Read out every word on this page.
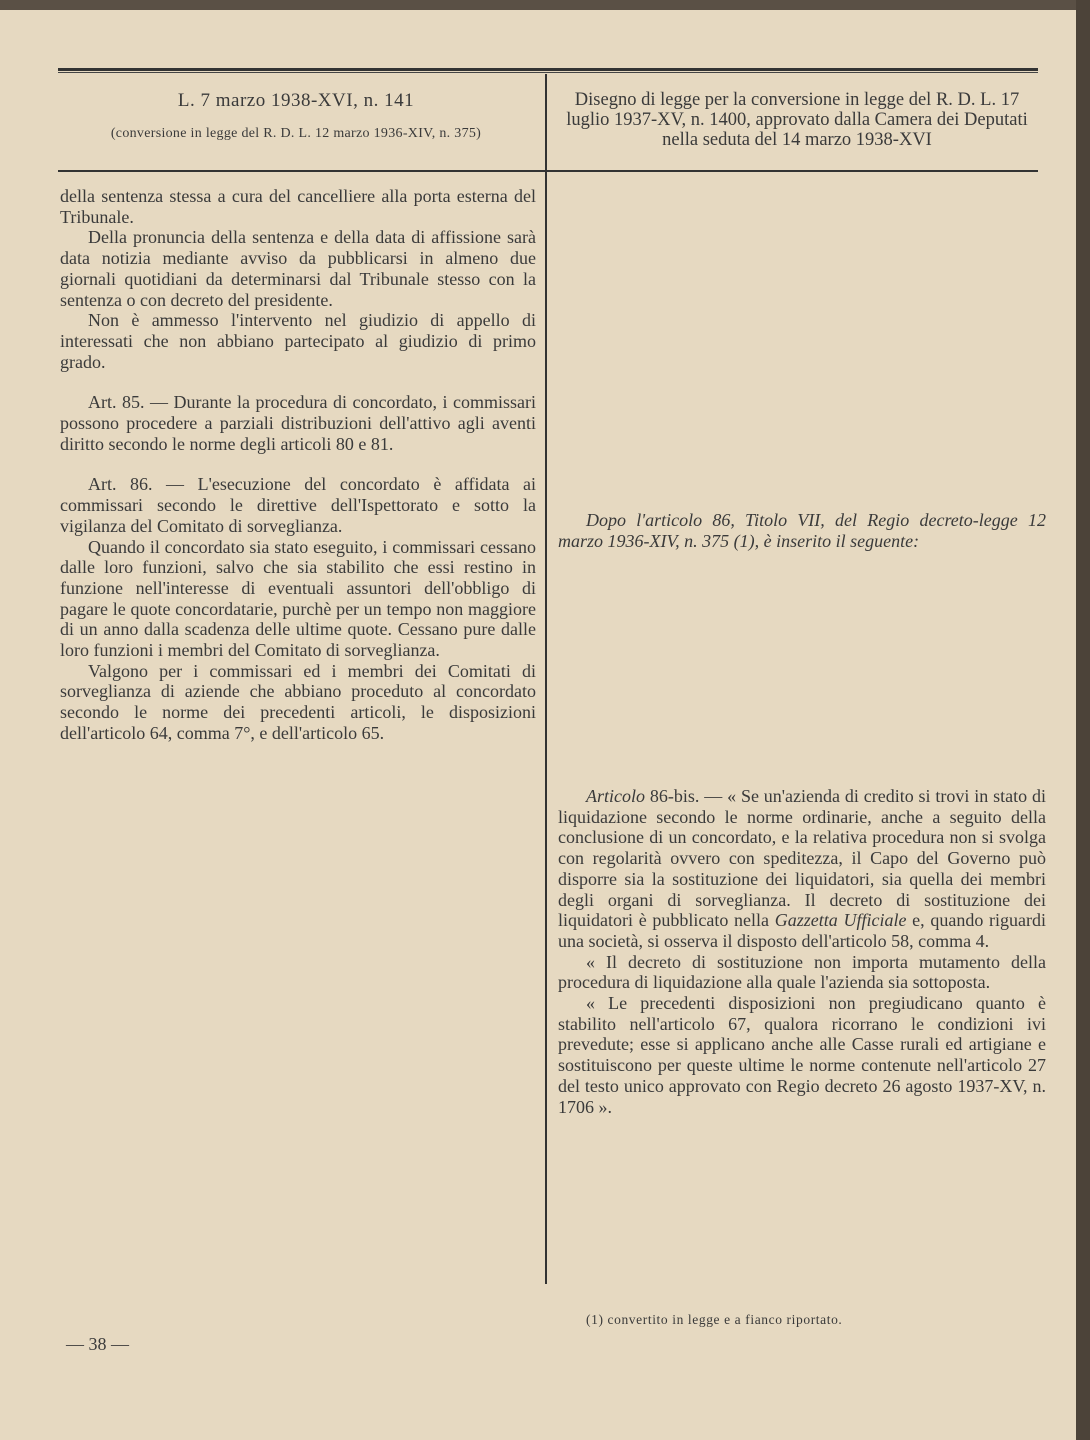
L. 7 marzo 1938-XVI, n. 141
(conversione in legge del R. D. L. 12 marzo 1936-XIV, n. 375)
Disegno di legge per la conversione in legge del R. D. L. 17 luglio 1937-XV, n. 1400, approvato dalla Camera dei Deputati nella seduta del 14 marzo 1938-XVI

della sentenza stessa a cura del cancelliere alla porta esterna del Tribunale.

Della pronuncia della sentenza e della data di affissione sarà data notizia mediante avviso da pubblicarsi in almeno due giornali quotidiani da determinarsi dal Tribunale stesso con la sentenza o con decreto del presidente.

Non è ammesso l'intervento nel giudizio di appello di interessati che non abbiano partecipato al giudizio di primo grado.

Art. 85. — Durante la procedura di concordato, i commissari possono procedere a parziali distribuzioni dell'attivo agli aventi diritto secondo le norme degli articoli 80 e 81.

Art. 86. — L'esecuzione del concordato è affidata ai commissari secondo le direttive dell'Ispettorato e sotto la vigilanza del Comitato di sorveglianza.

Quando il concordato sia stato eseguito, i commissari cessano dalle loro funzioni, salvo che sia stabilito che essi restino in funzione nell'interesse di eventuali assuntori dell'obbligo di pagare le quote concordatarie, purchè per un tempo non maggiore di un anno dalla scadenza delle ultime quote. Cessano pure dalle loro funzioni i membri del Comitato di sorveglianza.

Valgono per i commissari ed i membri dei Comitati di sorveglianza di aziende che abbiano proceduto al concordato secondo le norme dei precedenti articoli, le disposizioni dell'articolo 64, comma 7°, e dell'articolo 65.

Dopo l'articolo 86, Titolo VII, del Regio decreto-legge 12 marzo 1936-XIV, n. 375 (1), è inserito il seguente:

Articolo 86-bis. — « Se un'azienda di credito si trovi in stato di liquidazione secondo le norme ordinarie, anche a seguito della conclusione di un concordato, e la relativa procedura non si svolga con regolarità ovvero con speditezza, il Capo del Governo può disporre sia la sostituzione dei liquidatori, sia quella dei membri degli organi di sorveglianza. Il decreto di sostituzione dei liquidatori è pubblicato nella Gazzetta Ufficiale e, quando riguardi una società, si osserva il disposto dell'articolo 58, comma 4.

« Il decreto di sostituzione non importa mutamento della procedura di liquidazione alla quale l'azienda sia sottoposta.

« Le precedenti disposizioni non pregiudicano quanto è stabilito nell'articolo 67, qualora ricorrano le condizioni ivi prevedute; esse si applicano anche alle Casse rurali ed artigiane e sostituiscono per queste ultime le norme contenute nell'articolo 27 del testo unico approvato con Regio decreto 26 agosto 1937-XV, n. 1706 ».

(1) convertito in legge e a fianco riportato.
— 38 —
